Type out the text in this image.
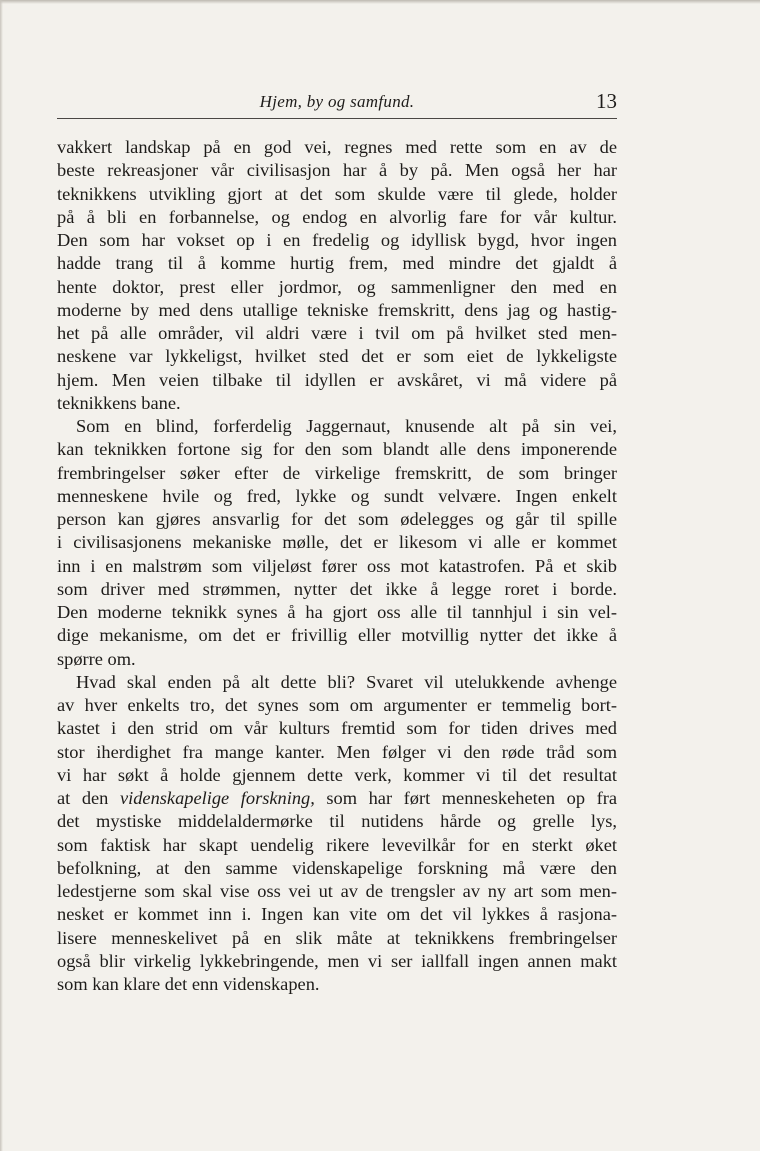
Hjem, by og samfund.	13
vakkert landskap på en god vei, regnes med rette som en av de
beste rekreasjoner vår civilisasjon har å by på. Men også her har
teknikkens utvikling gjort at det som skulde være til glede, holder
på å bli en forbannelse, og endog en alvorlig fare for vår kultur.
Den som har vokset op i en fredelig og idyllisk bygd, hvor ingen
hadde trang til å komme hurtig frem, med mindre det gjaldt å
hente doktor, prest eller jordmor, og sammenligner den med en
moderne by med dens utallige tekniske fremskritt, dens jag og hastig-
het på alle områder, vil aldri være i tvil om på hvilket sted men-
neskene var lykkeligst, hvilket sted det er som eiet de lykkeligste
hjem. Men veien tilbake til idyllen er avskåret, vi må videre på
teknikkens bane.
Som en blind, forferdelig Jaggernaut, knusende alt på sin vei,
kan teknikken fortone sig for den som blandt alle dens imponerende
frembringelser søker efter de virkelige fremskritt, de som bringer
menneskene hvile og fred, lykke og sundt velvære. Ingen enkelt
person kan gjøres ansvarlig for det som ødelegges og går til spille
i civilisasjonens mekaniske mølle, det er likesom vi alle er kommet
inn i en malstrøm som viljeløst fører oss mot katastrofen. På et skib
som driver med strømmen, nytter det ikke å legge roret i borde.
Den moderne teknikk synes å ha gjort oss alle til tannhjul i sin vel-
dige mekanisme, om det er frivillig eller motvillig nytter det ikke å
spørre om.
Hvad skal enden på alt dette bli? Svaret vil utelukkende avhenge
av hver enkelts tro, det synes som om argumenter er temmelig bort-
kastet i den strid om vår kulturs fremtid som for tiden drives med
stor iherdighet fra mange kanter. Men følger vi den røde tråd som
vi har søkt å holde gjennem dette verk, kommer vi til det resultat
at den videnskapelige forskning, som har ført menneskeheten op fra
det mystiske middelaldermørke til nutidens hårde og grelle lys,
som faktisk har skapt uendelig rikere levevilkår for en sterkt øket
befolkning, at den samme videnskapelige forskning må være den
ledestjerne som skal vise oss vei ut av de trengsler av ny art som men-
nesket er kommet inn i. Ingen kan vite om det vil lykkes å rasjona-
lisere menneskelivet på en slik måte at teknikkens frembringelser
også blir virkelig lykkebringende, men vi ser iallfall ingen annen makt
som kan klare det enn videnskapen.
